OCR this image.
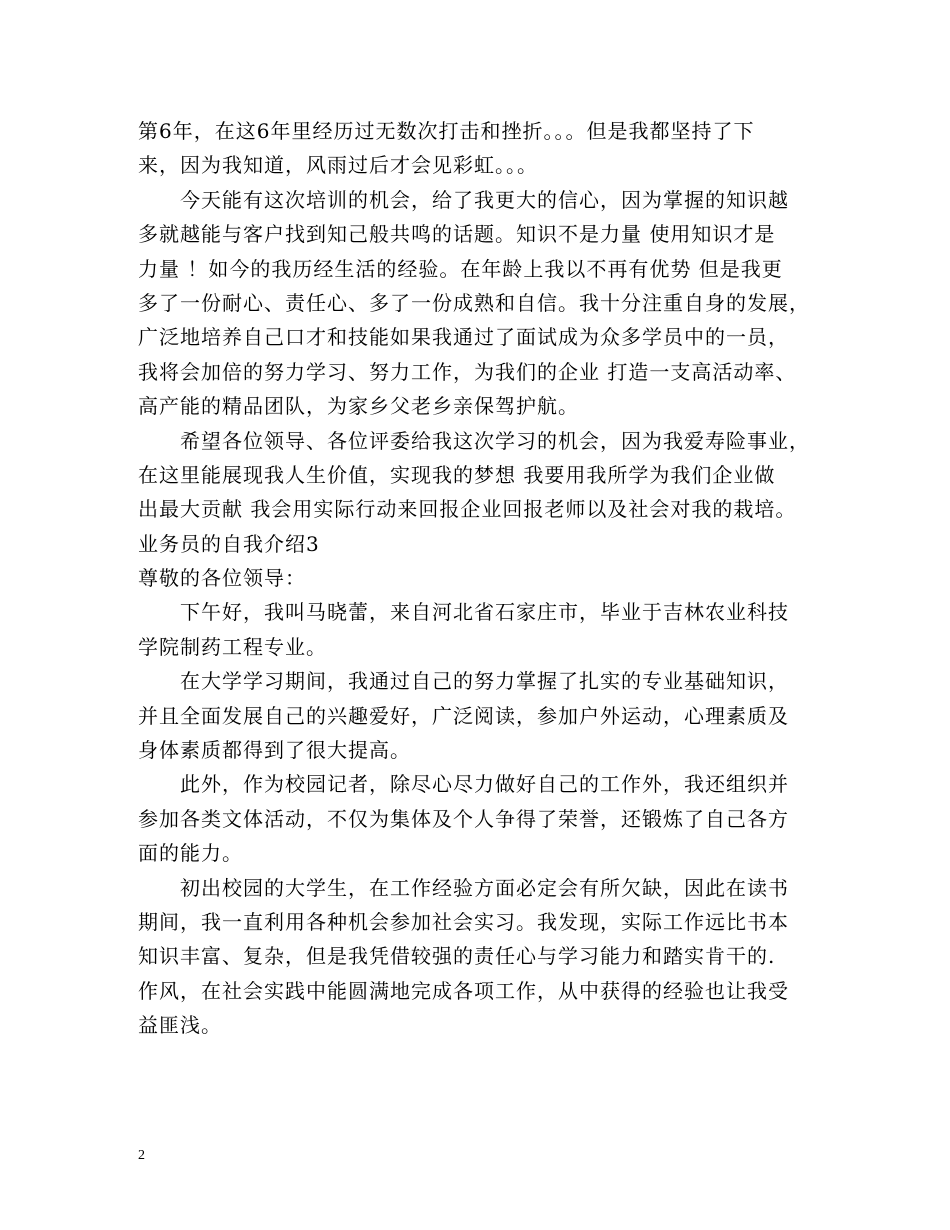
第6年，在这6年里经历过无数次打击和挫折。。。但是我都坚持了下
来，因为我知道，风雨过后才会见彩虹。。。
今天能有这次培训的机会，给了我更大的信心，因为掌握的知识越
多就越能与客户找到知己般共鸣的话题。知识不是力量 使用知识才是
力量 ！如今的我历经生活的经验。在年龄上我以不再有优势 但是我更
多了一份耐心、责任心、多了一份成熟和自信。我十分注重自身的发展，
广泛地培养自己口才和技能如果我通过了面试成为众多学员中的一员，
我将会加倍的努力学习、努力工作，为我们的企业 打造一支高活动率、
高产能的精品团队，为家乡父老乡亲保驾护航。
希望各位领导、各位评委给我这次学习的机会，因为我爱寿险事业，
在这里能展现我人生价值，实现我的梦想 我要用我所学为我们企业做
出最大贡献 我会用实际行动来回报企业回报老师以及社会对我的栽培。
业务员的自我介绍3
尊敬的各位领导：
下午好，我叫马晓蕾，来自河北省石家庄市，毕业于吉林农业科技
学院制药工程专业。
在大学学习期间，我通过自己的努力掌握了扎实的专业基础知识，
并且全面发展自己的兴趣爱好，广泛阅读，参加户外运动，心理素质及
身体素质都得到了很大提高。
此外，作为校园记者，除尽心尽力做好自己的工作外，我还组织并
参加各类文体活动，不仅为集体及个人争得了荣誉，还锻炼了自己各方
面的能力。
初出校园的大学生，在工作经验方面必定会有所欠缺，因此在读书
期间，我一直利用各种机会参加社会实习。我发现，实际工作远比书本
知识丰富、复杂，但是我凭借较强的责任心与学习能力和踏实肯干的.
作风，在社会实践中能圆满地完成各项工作，从中获得的经验也让我受
益匪浅。
2
